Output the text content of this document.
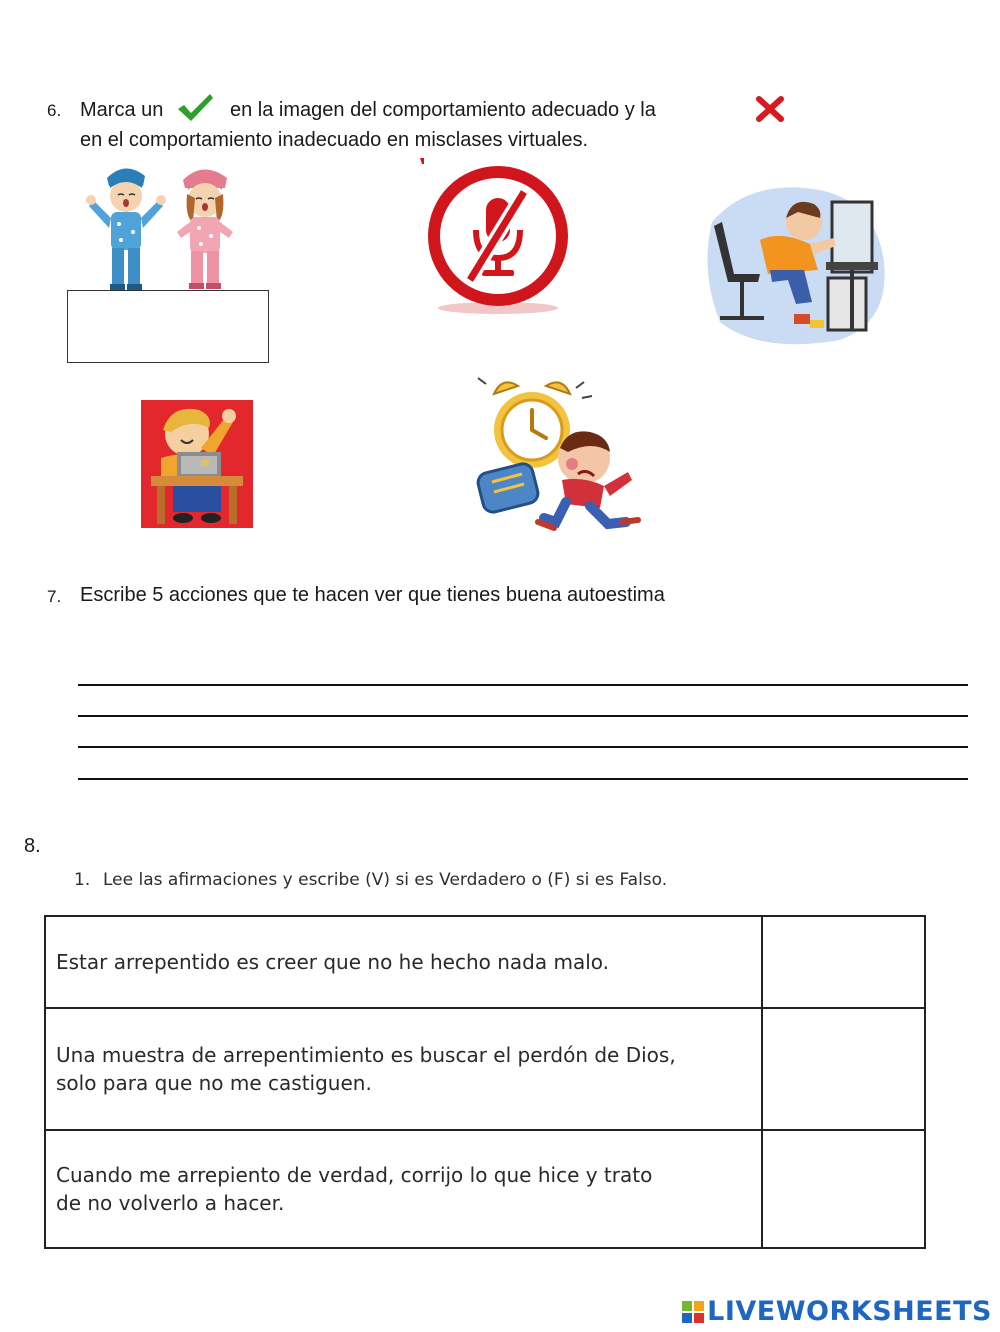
6. Marca un	en la imagen del comportamiento adecuado y la
en el comportamiento inadecuado en misclases virtuales.
7. Escribe 5 acciones que te hacen ver que tienes buena autoestima
8.
1. Lee las afirmaciones y escribe (V) si es Verdadero o (F) si es Falso.
Estar arrepentido es creer que no he hecho nada malo.	

Una muestra de arrepentimiento es buscar el perdón de Dios,
solo para que no me castiguen.	

Cuando me arrepiento de verdad, corrijo lo que hice y trato
de no volverlo a hacer.	

LIVEWORKSHEETS
